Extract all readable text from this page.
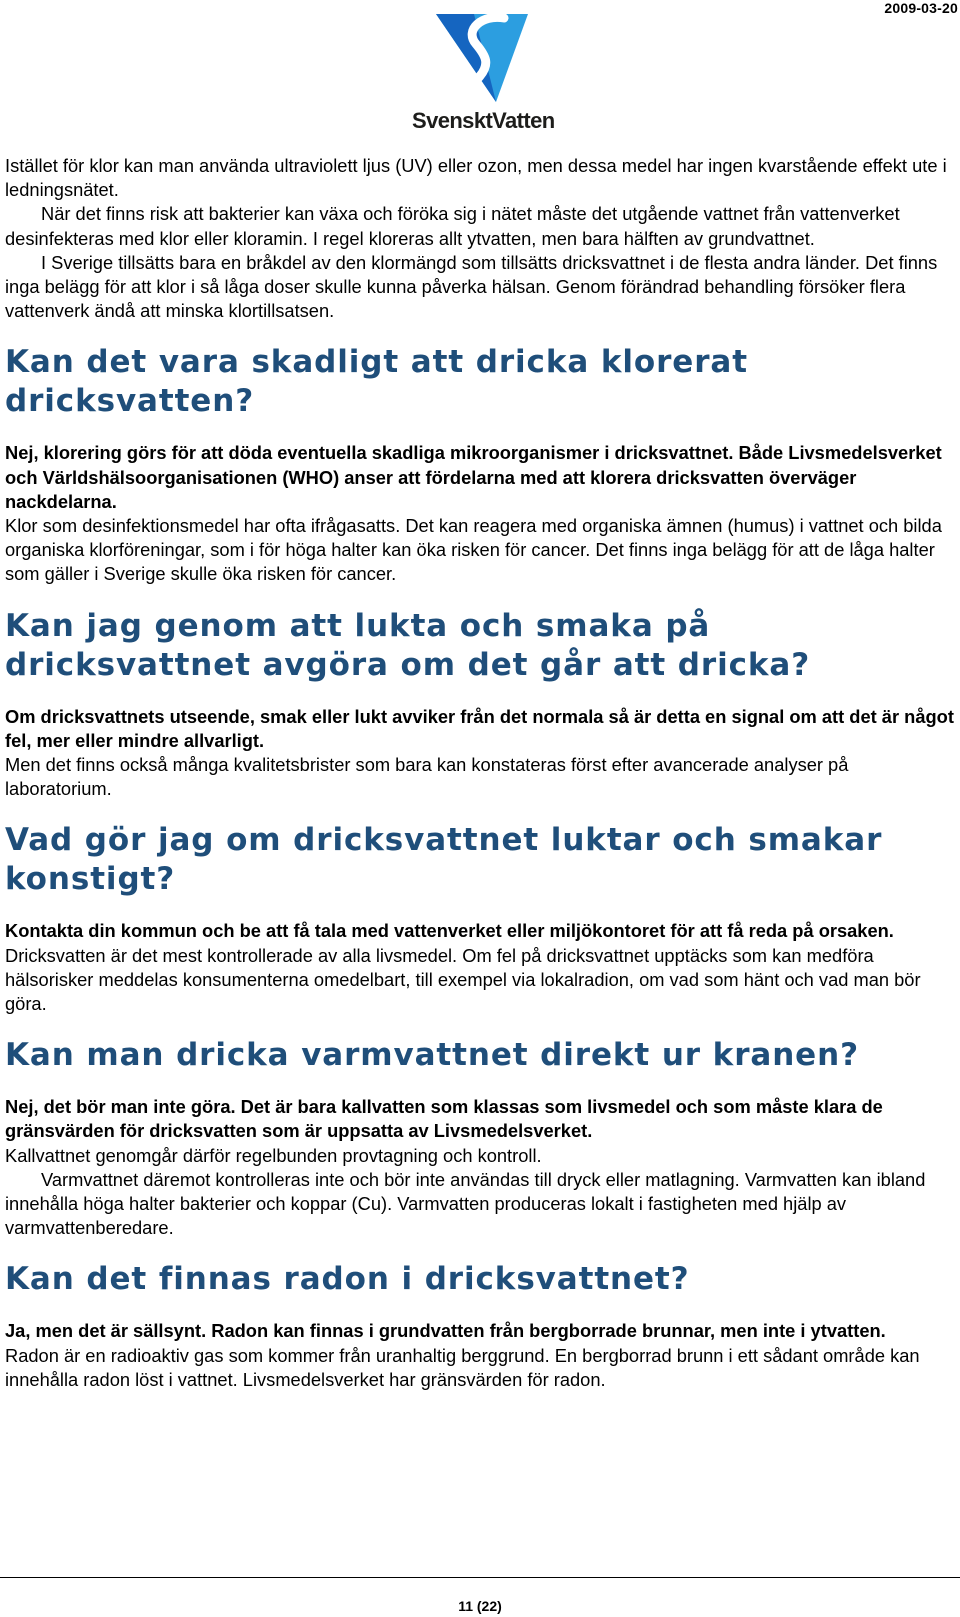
2009-03-20
SvensktVatten

Istället för klor kan man använda ultraviolett ljus (UV) eller ozon, men dessa medel har ingen kvarstående effekt ute i ledningsnätet.

När det finns risk att bakterier kan växa och föröka sig i nätet måste det utgående vattnet från vattenverket desinfekteras med klor eller kloramin. I regel kloreras allt ytvatten, men bara hälften av grundvattnet.

I Sverige tillsätts bara en bråkdel av den klormängd som tillsätts dricksvattnet i de flesta andra länder. Det finns inga belägg för att klor i så låga doser skulle kunna påverka hälsan. Genom förändrad behandling försöker flera vattenverk ändå att minska klortillsatsen.

Kan det vara skadligt att dricka klorerat dricksvatten?

Nej, klorering görs för att döda eventuella skadliga mikroorganismer i dricksvattnet. Både Livsmedelsverket och Världshälsoorganisationen (WHO) anser att fördelarna med att klorera dricksvatten överväger nackdelarna.

Klor som desinfektionsmedel har ofta ifrågasatts. Det kan reagera med organiska ämnen (humus) i vattnet och bilda organiska klorföreningar, som i för höga halter kan öka risken för cancer. Det finns inga belägg för att de låga halter som gäller i Sverige skulle öka risken för cancer.

Kan jag genom att lukta och smaka på dricksvattnet avgöra om det går att dricka?

Om dricksvattnets utseende, smak eller lukt avviker från det normala så är detta en signal om att det är något fel, mer eller mindre allvarligt.

Men det finns också många kvalitetsbrister som bara kan konstateras först efter avancerade analyser på laboratorium.

Vad gör jag om dricksvattnet luktar och smakar konstigt?

Kontakta din kommun och be att få tala med vattenverket eller miljökontoret för att få reda på orsaken.

Dricksvatten är det mest kontrollerade av alla livsmedel. Om fel på dricksvattnet upptäcks som kan medföra hälsorisker meddelas konsumenterna omedelbart, till exempel via lokalradion, om vad som hänt och vad man bör göra.

Kan man dricka varmvattnet direkt ur kranen?

Nej, det bör man inte göra. Det är bara kallvatten som klassas som livsmedel och som måste klara de gränsvärden för dricksvatten som är uppsatta av Livsmedelsverket.

Kallvattnet genomgår därför regelbunden provtagning och kontroll.

Varmvattnet däremot kontrolleras inte och bör inte användas till dryck eller matlagning. Varmvatten kan ibland innehålla höga halter bakterier och koppar (Cu). Varmvatten produceras lokalt i fastigheten med hjälp av varmvattenberedare.

Kan det finnas radon i dricksvattnet?

Ja, men det är sällsynt. Radon kan finnas i grundvatten från bergborrade brunnar, men inte i ytvatten.

Radon är en radioaktiv gas som kommer från uranhaltig berggrund. En bergborrad brunn i ett sådant område kan innehålla radon löst i vattnet. Livsmedelsverket har gränsvärden för radon.

11 (22)
